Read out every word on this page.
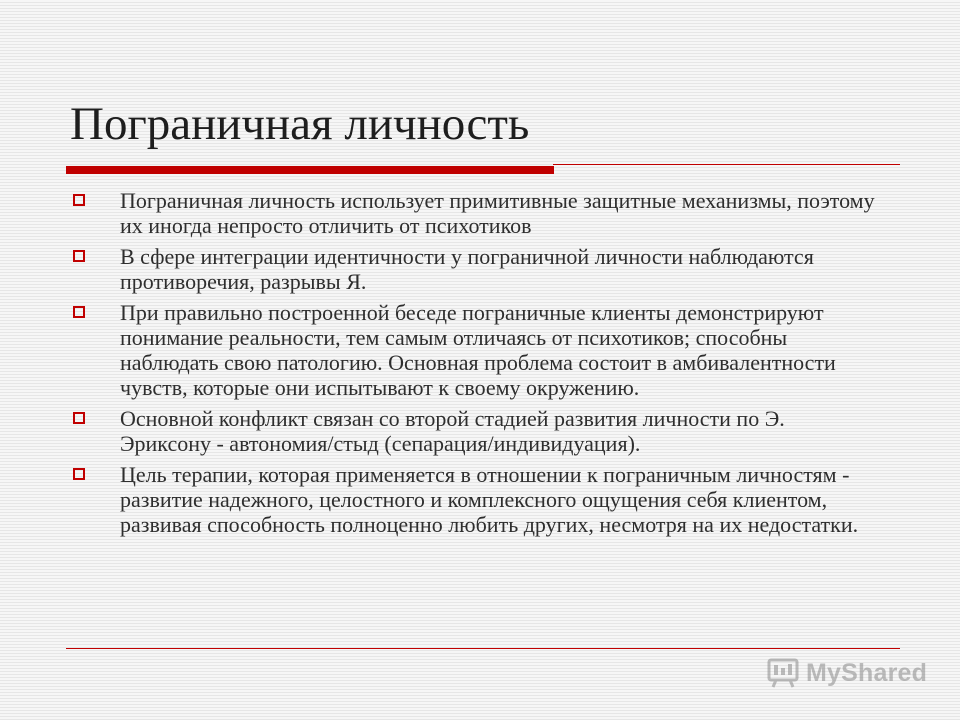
Пограничная личность
Пограничная личность использует примитивные защитные механизмы, поэтому их иногда непросто отличить от психотиков
В сфере интеграции идентичности у пограничной личности наблюдаются противоречия, разрывы Я.
При правильно построенной беседе пограничные клиенты демонстрируют понимание реальности, тем самым отличаясь от психотиков; способны наблюдать свою патологию. Основная проблема состоит в амбивалентности чувств, которые они испытывают к своему окружению.
Основной конфликт связан со второй стадией развития личности по Э. Эриксону - автономия/стыд (сепарация/индивидуация).
Цель терапии, которая применяется в отношении к пограничным личностям - развитие надежного, целостного и комплексного ощущения себя клиентом, развивая способность полноценно любить других, несмотря на их недостатки.
MyShared
